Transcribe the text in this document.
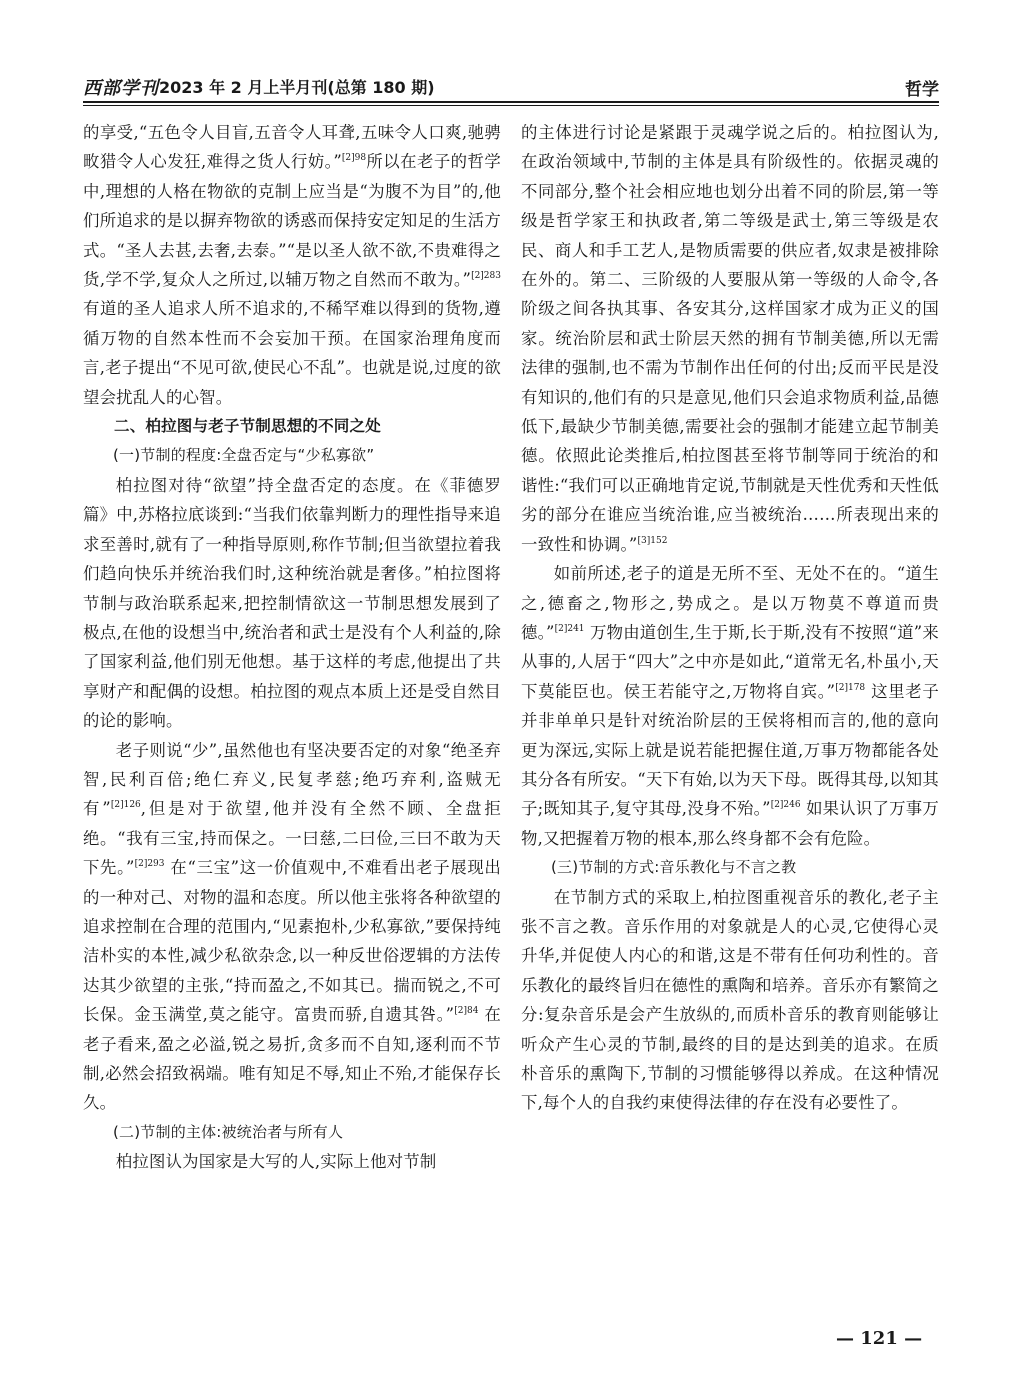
西部学刊 2023 年 2 月上半月刊(总第 180 期)	哲学

的享受,“五色令人目盲,五音令人耳聋,五味令人口爽,驰骋畋猎令人心发狂,难得之货人行妨。”$^{[2]98}$所以在老子的哲学中,理想的人格在物欲的克制上应当是“为腹不为目”的,他们所追求的是以摒弃物欲的诱惑而保持安定知足的生活方式。“圣人去甚,去奢,去泰。”“是以圣人欲不欲,不贵难得之货,学不学,复众人之所过,以辅万物之自然而不敢为。”$^{[2]283}$ 有道的圣人追求人所不追求的,不稀罕难以得到的货物,遵循万物的自然本性而不会妄加干预。在国家治理角度而言,老子提出“不见可欲,使民心不乱”。也就是说,过度的欲望会扰乱人的心智。

二、柏拉图与老子节制思想的不同之处

(一)节制的程度:全盘否定与“少私寡欲”

柏拉图对待“欲望”持全盘否定的态度。在《菲德罗篇》中,苏格拉底谈到:“当我们依靠判断力的理性指导来追求至善时,就有了一种指导原则,称作节制;但当欲望拉着我们趋向快乐并统治我们时,这种统治就是奢侈。”柏拉图将节制与政治联系起来,把控制情欲这一节制思想发展到了极点,在他的设想当中,统治者和武士是没有个人利益的,除了国家利益,他们别无他想。基于这样的考虑,他提出了共享财产和配偶的设想。柏拉图的观点本质上还是受自然目的论的影响。

老子则说“少”,虽然他也有坚决要否定的对象“绝圣弃智,民利百倍;绝仁弃义,民复孝慈;绝巧弃利,盗贼无有”$^{[2]126}$,但是对于欲望,他并没有全然不顾、全盘拒绝。“我有三宝,持而保之。一曰慈,二曰俭,三曰不敢为天下先。”$^{[2]293}$ 在“三宝”这一价值观中,不难看出老子展现出的一种对己、对物的温和态度。所以他主张将各种欲望的追求控制在合理的范围内,“见素抱朴,少私寡欲,”要保持纯洁朴实的本性,减少私欲杂念,以一种反世俗逻辑的方法传达其少欲望的主张,“持而盈之,不如其已。揣而锐之,不可长保。金玉满堂,莫之能守。富贵而骄,自遗其咎。”$^{[2]84}$ 在老子看来,盈之必溢,锐之易折,贪多而不自知,逐利而不节制,必然会招致祸端。唯有知足不辱,知止不殆,才能保存长久。

(二)节制的主体:被统治者与所有人

柏拉图认为国家是大写的人,实际上他对节制

的主体进行讨论是紧跟于灵魂学说之后的。柏拉图认为,在政治领域中,节制的主体是具有阶级性的。依据灵魂的不同部分,整个社会相应地也划分出着不同的阶层,第一等级是哲学家王和执政者,第二等级是武士,第三等级是农民、商人和手工艺人,是物质需要的供应者,奴隶是被排除在外的。第二、三阶级的人要服从第一等级的人命令,各阶级之间各执其事、各安其分,这样国家才成为正义的国家。统治阶层和武士阶层天然的拥有节制美德,所以无需法律的强制,也不需为节制作出任何的付出;反而平民是没有知识的,他们有的只是意见,他们只会追求物质利益,品德低下,最缺少节制美德,需要社会的强制才能建立起节制美德。依照此论类推后,柏拉图甚至将节制等同于统治的和谐性:“我们可以正确地肯定说,节制就是天性优秀和天性低劣的部分在谁应当统治谁,应当被统治……所表现出来的一致性和协调。”$^{[3]152}$

如前所述,老子的道是无所不至、无处不在的。“道生之,德畜之,物形之,势成之。是以万物莫不尊道而贵德。”$^{[2]241}$ 万物由道创生,生于斯,长于斯,没有不按照“道”来从事的,人居于“四大”之中亦是如此,“道常无名,朴虽小,天下莫能臣也。侯王若能守之,万物将自宾。”$^{[2]178}$ 这里老子并非单单只是针对统治阶层的王侯将相而言的,他的意向更为深远,实际上就是说若能把握住道,万事万物都能各处其分各有所安。“天下有始,以为天下母。既得其母,以知其子;既知其子,复守其母,没身不殆。”$^{[2]246}$ 如果认识了万事万物,又把握着万物的根本,那么终身都不会有危险。

(三)节制的方式:音乐教化与不言之教

在节制方式的采取上,柏拉图重视音乐的教化,老子主张不言之教。音乐作用的对象就是人的心灵,它使得心灵升华,并促使人内心的和谐,这是不带有任何功利性的。音乐教化的最终旨归在德性的熏陶和培养。音乐亦有繁简之分:复杂音乐是会产生放纵的,而质朴音乐的教育则能够让听众产生心灵的节制,最终的目的是达到美的追求。在质朴音乐的熏陶下,节制的习惯能够得以养成。在这种情况下,每个人的自我约束使得法律的存在没有必要性了。

— 121 —
